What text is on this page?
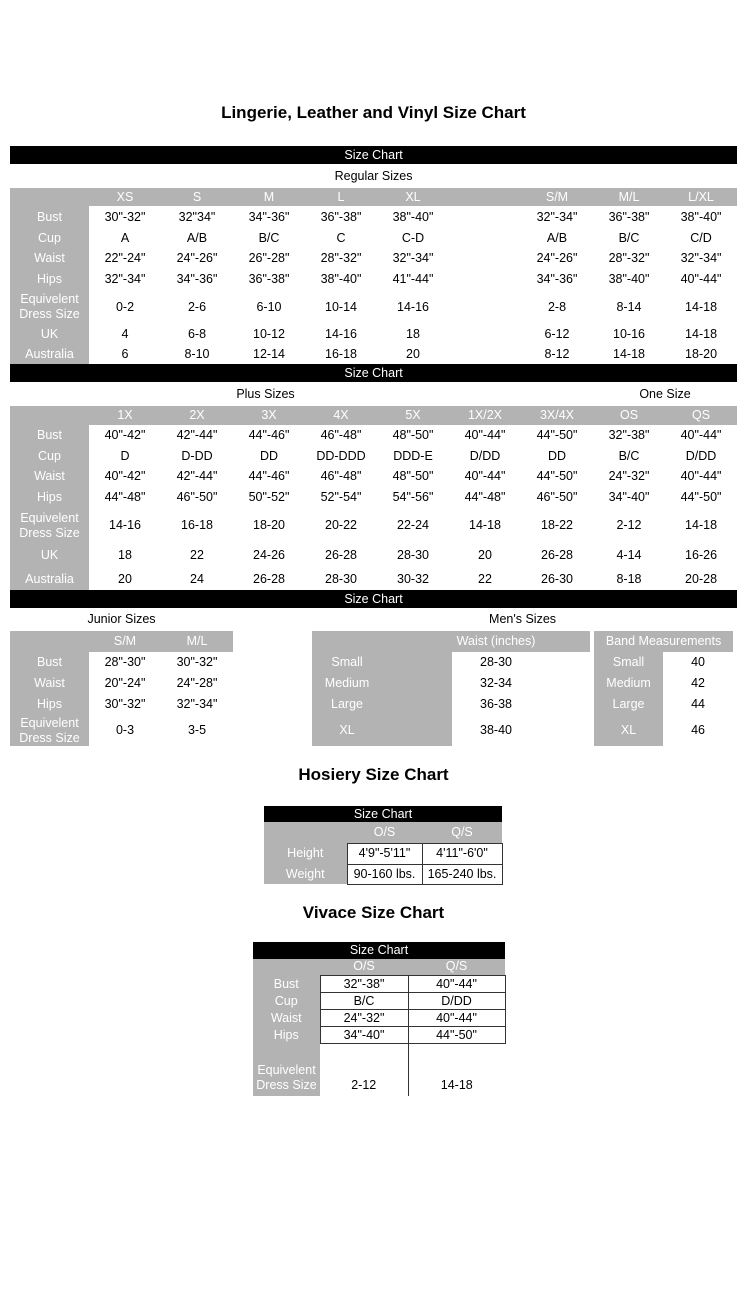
Lingerie, Leather and Vinyl Size Chart
Size Chart									
Regular Sizes									
	XS	S	M	L	XL		S/M	M/L	L/XL
Bust	30"-32"	32"34"	34"-36"	36"-38"	38"-40"		32"-34"	36"-38"	38"-40"
Cup	A	A/B	B/C	C	C-D		A/B	B/C	C/D
Waist	22"-24"	24"-26"	26"-28"	28"-32"	32"-34"		24"-26"	28"-32"	32"-34"
Hips	32"-34"	34"-36"	36"-38"	38"-40"	41"-44"		34"-36"	38"-40"	40"-44"
Equivelent Dress Size	0-2	2-6	6-10	10-14	14-16		2-8	8-14	14-18
UK	4	6-8	10-12	14-16	18		6-12	10-16	14-18
Australia	6	8-10	12-14	16-18	20		8-12	14-18	18-20
Size Chart									
Plus Sizes								One Size	
	1X	2X	3X	4X	5X	1X/2X	3X/4X	OS	QS
Bust	40"-42"	42"-44"	44"-46"	46"-48"	48"-50"	40"-44"	44"-50"	32"-38"	40"-44"
Cup	D	D-DD	DD	DD-DDD	DDD-E	D/DD	DD	B/C	D/DD
Waist	40"-42"	42"-44"	44"-46"	46"-48"	48"-50"	40"-44"	44"-50"	24"-32"	40"-44"
Hips	44"-48"	46"-50"	50"-52"	52"-54"	54"-56"	44"-48"	46"-50"	34"-40"	44"-50"
Equivelent Dress Size	14-16	16-18	18-20	20-22	22-24	14-18	18-22	2-12	14-18
UK	18	22	24-26	26-28	28-30	20	26-28	4-14	16-26
Australia	20	24	26-28	28-30	30-32	22	26-30	8-18	20-28
Size Chart
Junior Sizes		
	S/M	M/L
Bust	28"-30"	30"-32"
Waist	20"-24"	24"-28"
Hips	30"-32"	32"-34"
Equivelent Dress Size	0-3	3-5
Men's Sizes			
	Waist (inches)	Band Measurements	
Small	28-30	Small	40
Medium	32-34	Medium	42
Large	36-38	Large	44
XL	38-40	XL	46
Hosiery Size Chart
Size Chart		
	O/S	Q/S
Height	4'9"-5'11"	4'11"-6'0"
Weight	90-160 lbs.	165-240 lbs.
Vivace Size Chart
Size Chart		
	O/S	Q/S
Bust	32"-38"	40"-44"
Cup	B/C	D/DD
Waist	24"-32"	40"-44"
Hips	34"-40"	44"-50"

Equivelent Dress Size	2-12	14-18
